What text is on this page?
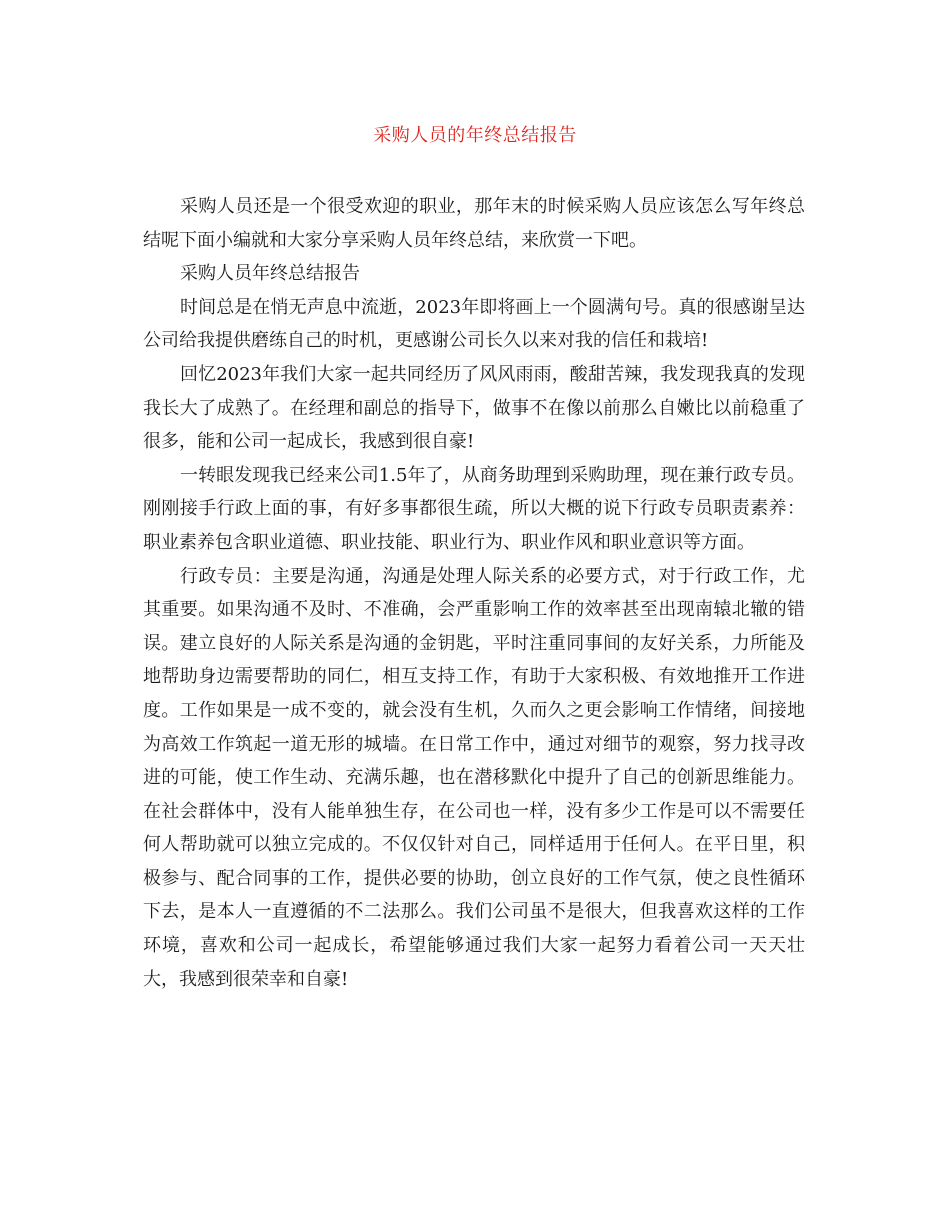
采购人员的年终总结报告

采购人员还是一个很受欢迎的职业，那年末的时候采购人员应该怎么写年终总结呢下面小编就和大家分享采购人员年终总结，来欣赏一下吧。

采购人员年终总结报告

时间总是在悄无声息中流逝，2023年即将画上一个圆满句号。真的很感谢呈达公司给我提供磨练自己的时机，更感谢公司长久以来对我的信任和栽培!

回忆2023年我们大家一起共同经历了风风雨雨，酸甜苦辣，我发现我真的发现我长大了成熟了。在经理和副总的指导下，做事不在像以前那么自嫩比以前稳重了很多，能和公司一起成长，我感到很自豪!

一转眼发现我已经来公司1.5年了，从商务助理到采购助理，现在兼行政专员。刚刚接手行政上面的事，有好多事都很生疏，所以大概的说下行政专员职责素养：职业素养包含职业道德、职业技能、职业行为、职业作风和职业意识等方面。

行政专员：主要是沟通，沟通是处理人际关系的必要方式，对于行政工作，尤其重要。如果沟通不及时、不准确，会严重影响工作的效率甚至出现南辕北辙的错误。建立良好的人际关系是沟通的金钥匙，平时注重同事间的友好关系，力所能及地帮助身边需要帮助的同仁，相互支持工作，有助于大家积极、有效地推开工作进度。工作如果是一成不变的，就会没有生机，久而久之更会影响工作情绪，间接地为高效工作筑起一道无形的城墙。在日常工作中，通过对细节的观察，努力找寻改进的可能，使工作生动、充满乐趣，也在潜移默化中提升了自己的创新思维能力。在社会群体中，没有人能单独生存，在公司也一样，没有多少工作是可以不需要任何人帮助就可以独立完成的。不仅仅针对自己，同样适用于任何人。在平日里，积极参与、配合同事的工作，提供必要的协助，创立良好的工作气氛，使之良性循环下去，是本人一直遵循的不二法那么。我们公司虽不是很大，但我喜欢这样的工作环境，喜欢和公司一起成长，希望能够通过我们大家一起努力看着公司一天天壮大，我感到很荣幸和自豪!
